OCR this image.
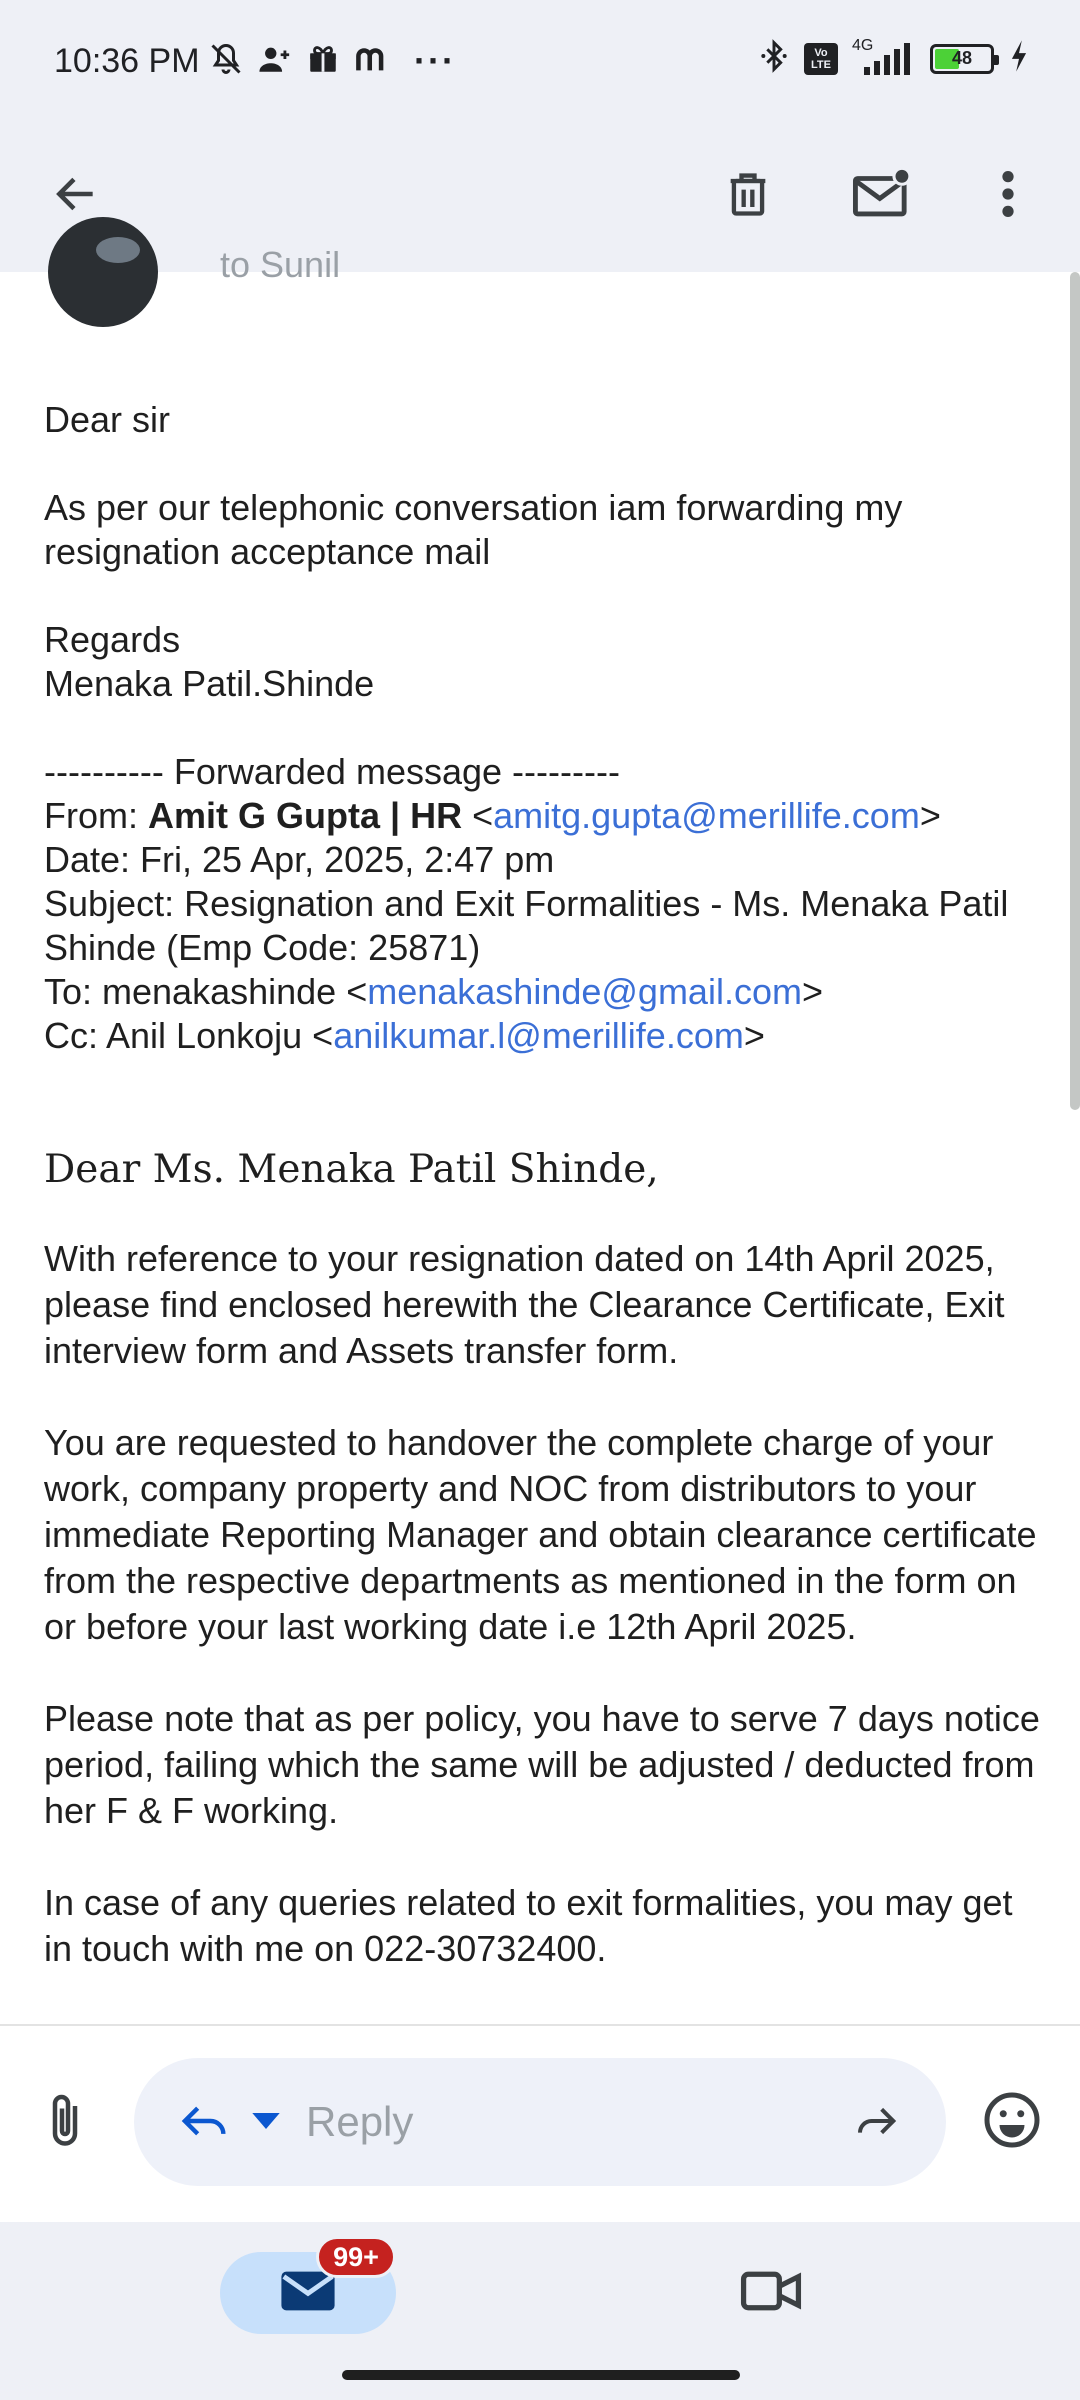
10:36 PM	···	Vo LTE
4G
48
to Sunil

Dear sir

As per our telephonic conversation iam forwarding my resignation acceptance mail

Regards

Menaka Patil.Shinde

---------- Forwarded message ---------

From: Amit G Gupta | HR <amitg.gupta@merillife.com>

Date: Fri, 25 Apr, 2025, 2:47 pm

Subject: Resignation and Exit Formalities - Ms. Menaka Patil Shinde (Emp Code: 25871)

To: menakashinde <menakashinde@gmail.com>

Cc: Anil Lonkoju <anilkumar.l@merillife.com>

Dear Ms. Menaka Patil Shinde,

With reference to your resignation dated on 14th April 2025, please find enclosed herewith the Clearance Certificate, Exit interview form and Assets transfer form.

You are requested to handover the complete charge of your work, company property and NOC from distributors to your immediate Reporting Manager and obtain clearance certificate from the respective departments as mentioned in the form on or before your last working date i.e 12th April 2025.

Please note that as per policy, you have to serve 7 days notice period, failing which the same will be adjusted / deducted from her F & F working.

In case of any queries related to exit formalities, you may get in touch with me on 022-30732400.

Reply
99+
